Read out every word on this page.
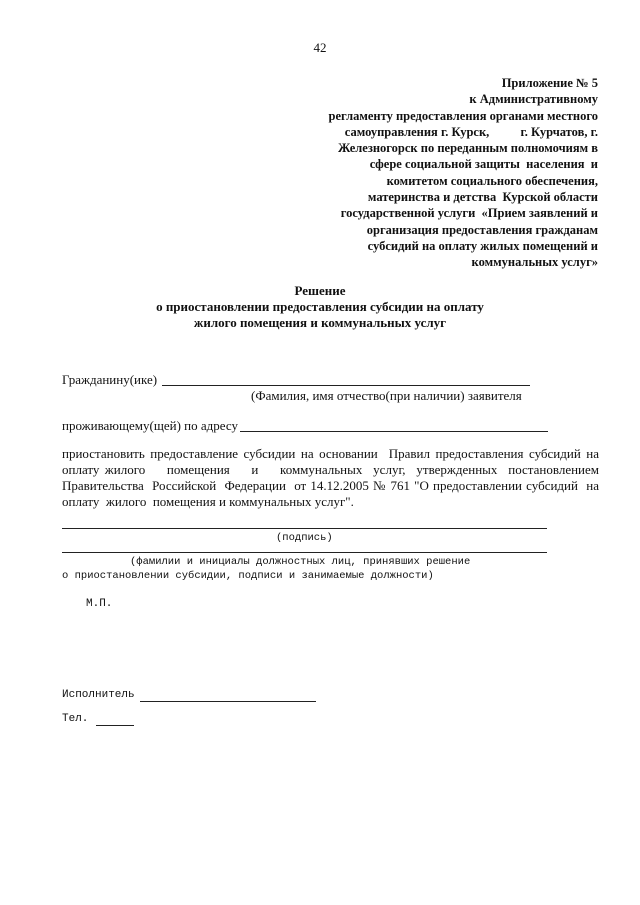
42
Приложение № 5
к Административному
регламенту предоставления органами местного
самоуправления г. Курск,          г. Курчатов, г.
Железногорск по переданным полномочиям в
сфере социальной защиты  населения  и
комитетом социального обеспечения,
материнства и детства  Курской области
государственной услуги  «Прием заявлений и
организация предоставления гражданам
субсидий на оплату жилых помещений и
коммунальных услуг»
Решение
о приостановлении предоставления субсидии на оплату
жилого помещения и коммунальных услуг
Гражданину(ике)
(Фамилия, имя отчество(при наличии) заявителя
проживающему(щей) по адресу
приостановить предоставление субсидии на основании  Правил предоставления субсидий на
оплату жилого    помещения    и    коммунальных  услуг,  утвержденных  постановлением
Правительства  Российской  Федерации  от 14.12.2005 № 761 "О предоставлении субсидий  на
оплату  жилого  помещения и коммунальных услуг".
(подпись)
(фамилии и инициалы должностных лиц, принявших решение
о приостановлении субсидии, подписи и занимаемые должности)
М.П.
Исполнитель
Тел.
